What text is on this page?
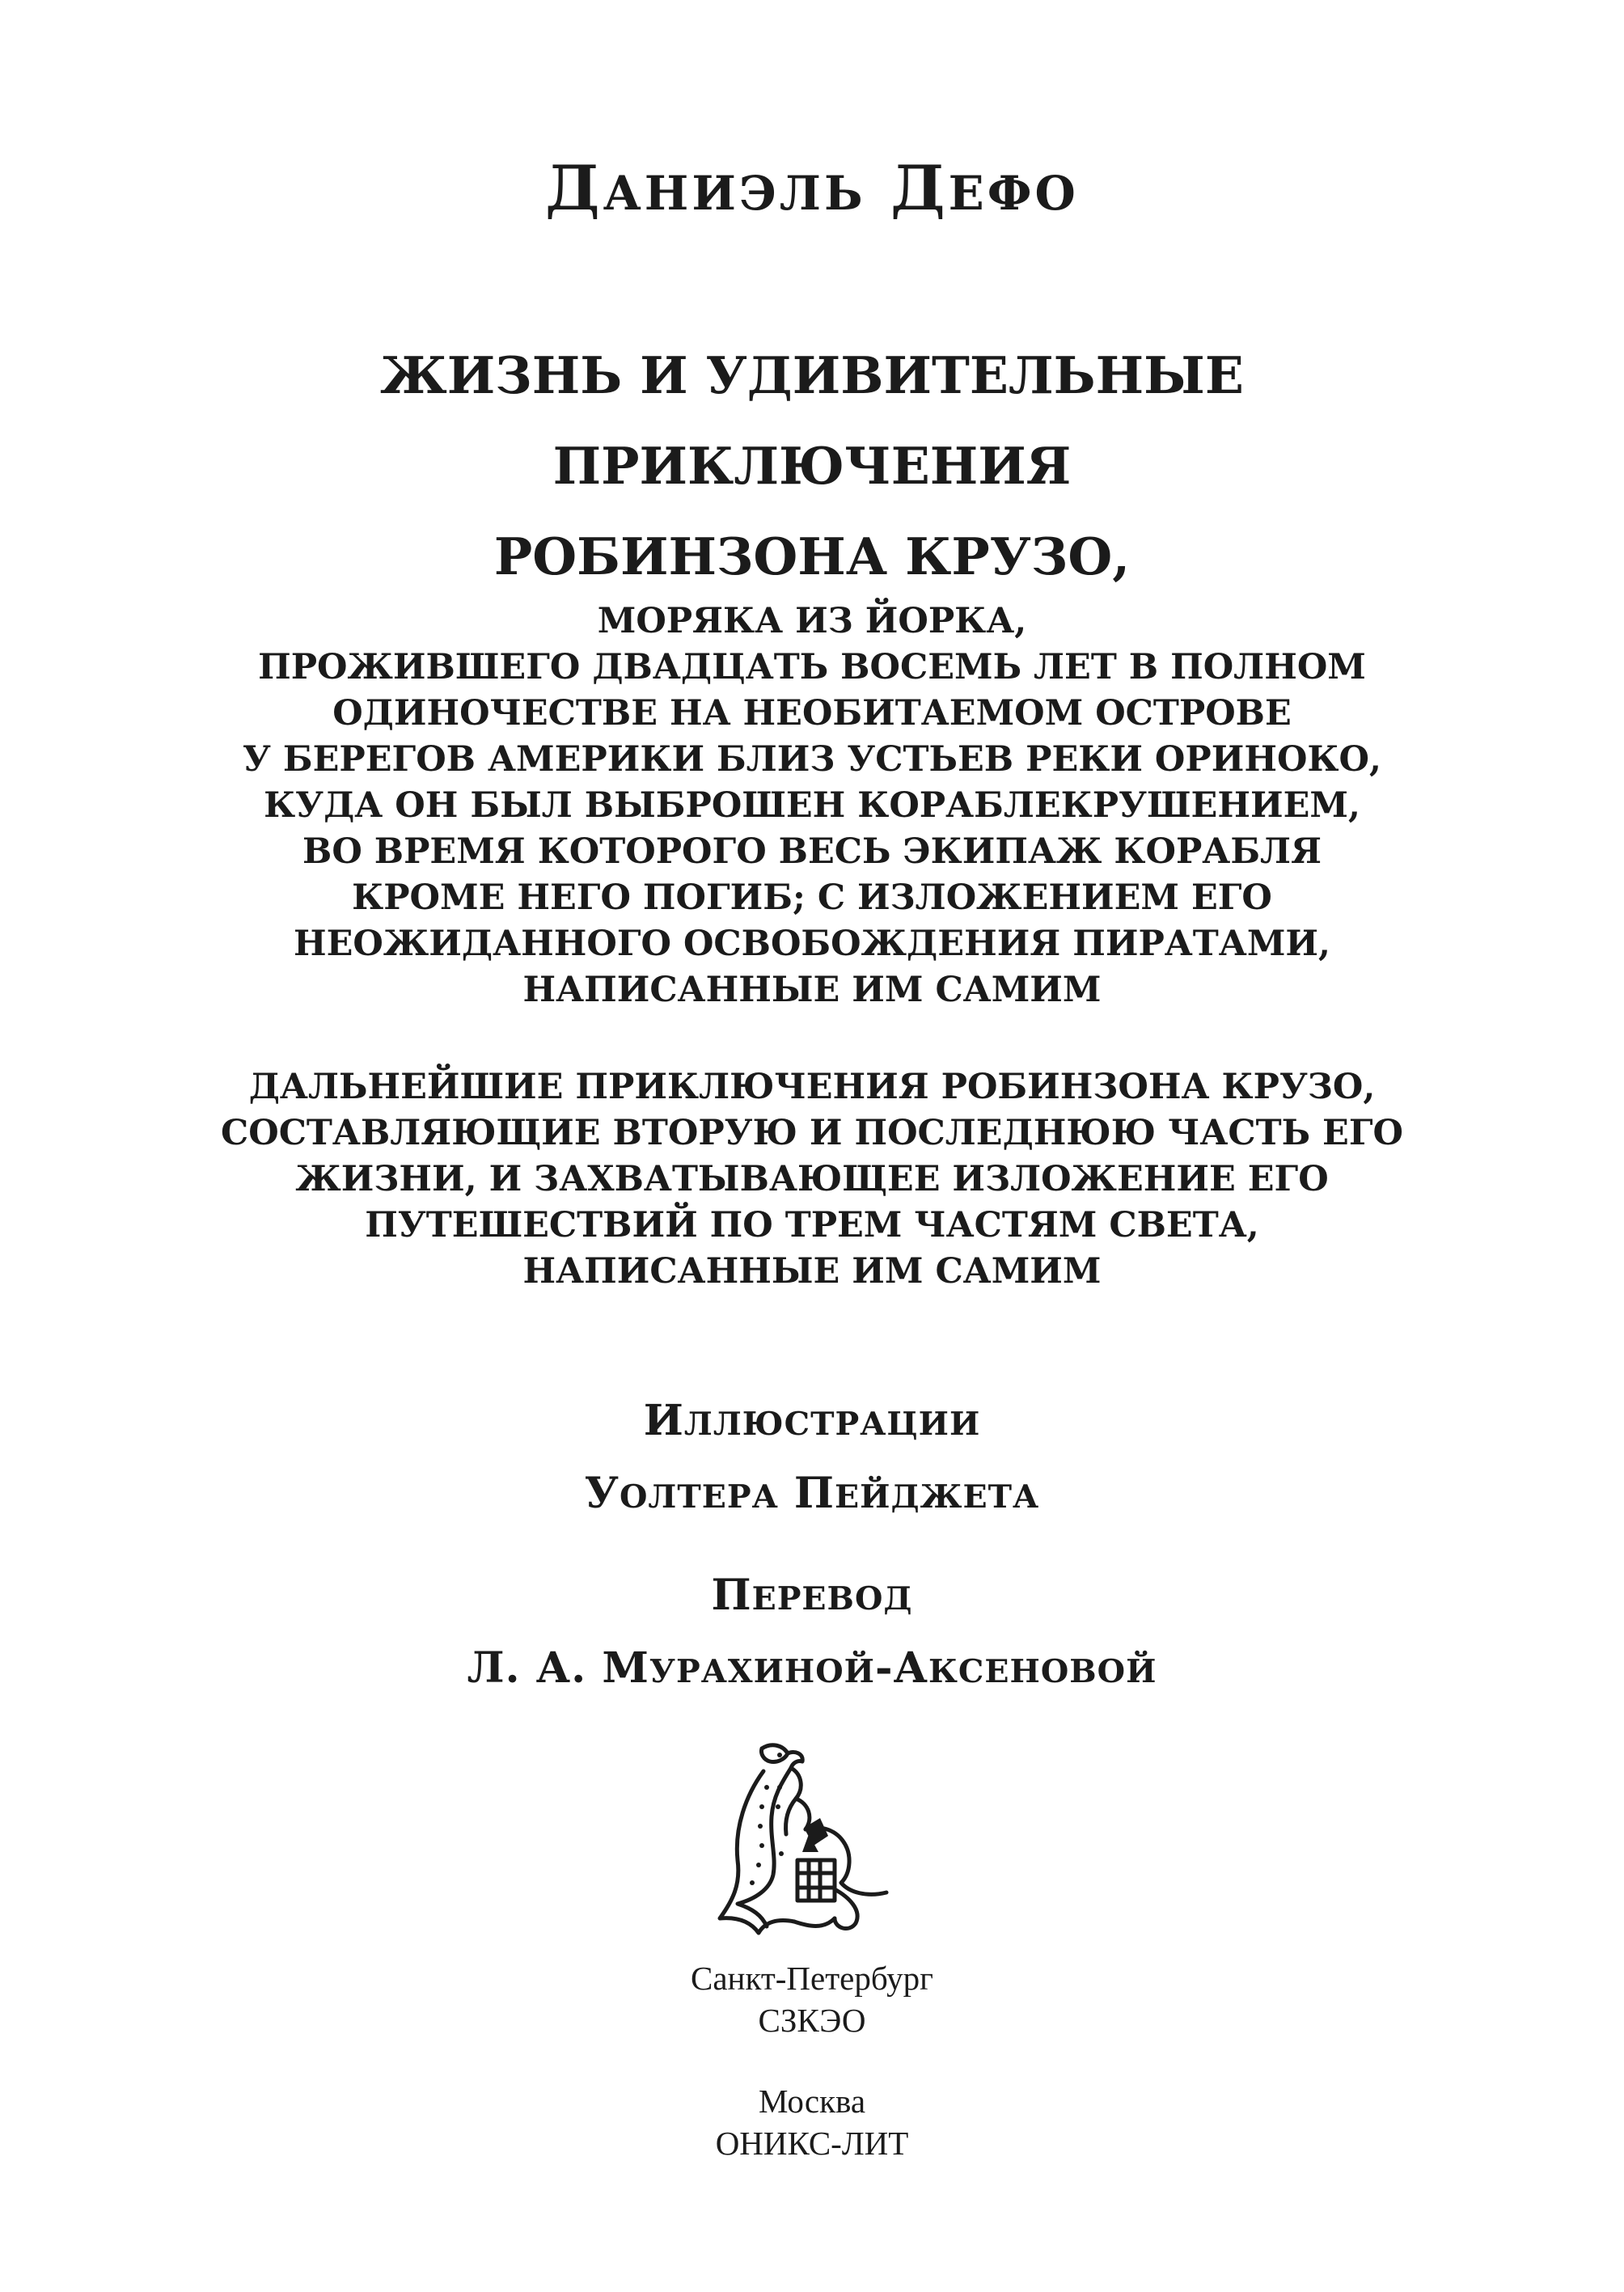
ДАНИЭЛЬ ДЕФО
ЖИЗНЬ И УДИВИТЕЛЬНЫЕ
ПРИКЛЮЧЕНИЯ
РОБИНЗОНА КРУЗО,
МОРЯКА ИЗ ЙОРКА,
ПРОЖИВШЕГО ДВАДЦАТЬ ВОСЕМЬ ЛЕТ В ПОЛНОМ
ОДИНОЧЕСТВЕ НА НЕОБИТАЕМОМ ОСТРОВЕ
У БЕРЕГОВ АМЕРИКИ БЛИЗ УСТЬЕВ РЕКИ ОРИНОКО,
КУДА ОН БЫЛ ВЫБРОШЕН КОРАБЛЕКРУШЕНИЕМ,
ВО ВРЕМЯ КОТОРОГО ВЕСЬ ЭКИПАЖ КОРАБЛЯ
КРОМЕ НЕГО ПОГИБ; С ИЗЛОЖЕНИЕМ ЕГО
НЕОЖИДАННОГО ОСВОБОЖДЕНИЯ ПИРАТАМИ,
НАПИСАННЫЕ ИМ САМИМ
ДАЛЬНЕЙШИЕ ПРИКЛЮЧЕНИЯ РОБИНЗОНА КРУЗО,
СОСТАВЛЯЮЩИЕ ВТОРУЮ И ПОСЛЕДНЮЮ ЧАСТЬ ЕГО
ЖИЗНИ, И ЗАХВАТЫВАЮЩЕЕ ИЗЛОЖЕНИЕ ЕГО
ПУТЕШЕСТВИЙ ПО ТРЕМ ЧАСТЯМ СВЕТА,
НАПИСАННЫЕ ИМ САМИМ
ИЛЛЮСТРАЦИИ
УОЛТЕРА ПЕЙДЖЕТА
ПЕРЕВОД
Л. А. МУРАХИНОЙ-АКСЕНОВОЙ
Санкт-Петербург
СЗКЭО
Москва
ОНИКС-ЛИТ
